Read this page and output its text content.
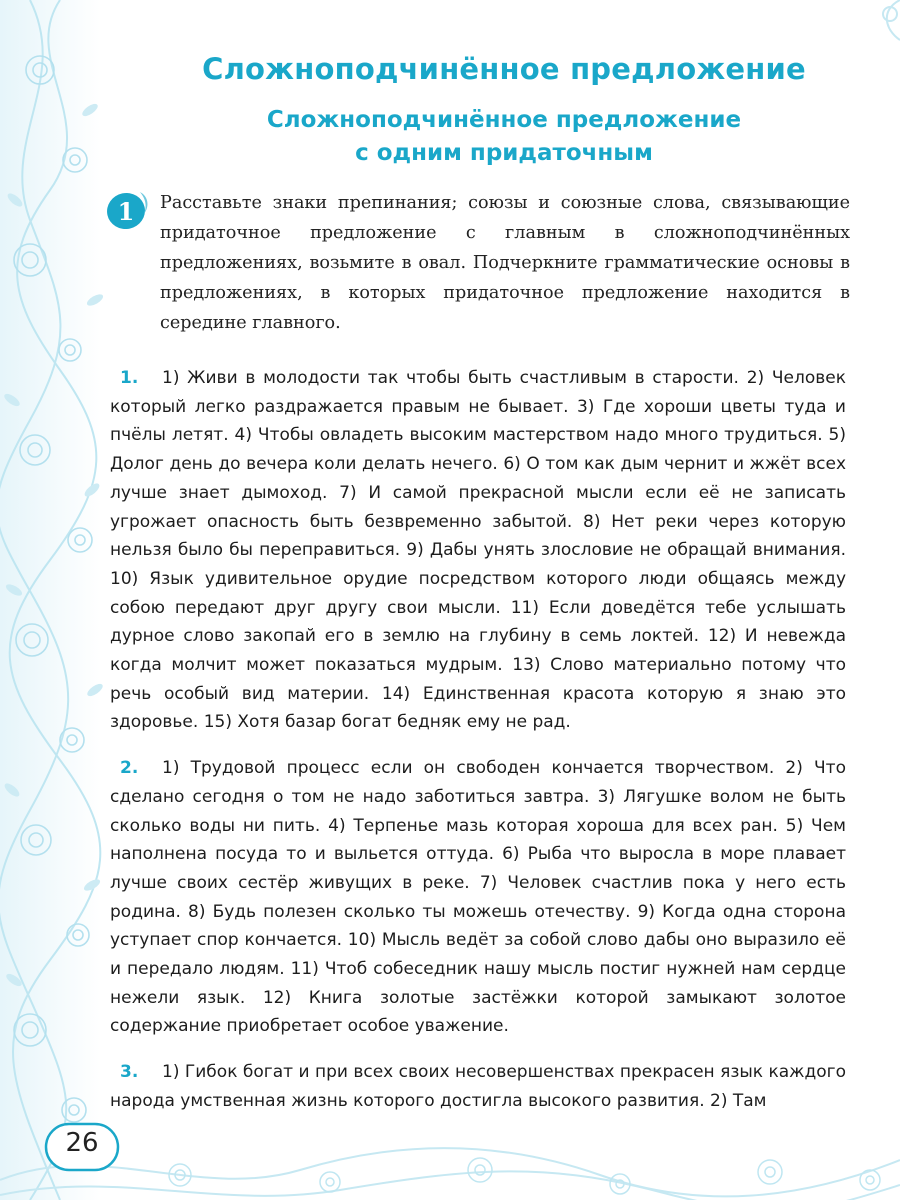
Сложноподчинённое предложение
Сложноподчинённое предложение
с одним придаточным
1 Расставьте знаки препинания; союзы и союзные слова, связывающие придаточное предложение с главным в сложноподчинённых предложениях, возьмите в овал. Подчеркните грамматические основы в предложениях, в которых придаточное предложение находится в середине главного.

1. 1) Живи в молодости так чтобы быть счастливым в старости. 2) Человек который легко раздражается правым не бывает. 3) Где хороши цветы туда и пчёлы летят. 4) Чтобы овладеть высоким мастерством надо много трудиться. 5) Долог день до вечера коли делать нечего. 6) О том как дым чернит и жжёт всех лучше знает дымоход. 7) И самой прекрасной мысли если её не записать угрожает опасность быть безвременно забытой. 8) Нет реки через которую нельзя было бы переправиться. 9) Дабы унять злословие не обращай внимания. 10) Язык удивительное орудие посредством которого люди общаясь между собою передают друг другу свои мысли. 11) Если доведётся тебе услышать дурное слово закопай его в землю на глубину в семь локтей. 12) И невежда когда молчит может показаться мудрым. 13) Слово материально потому что речь особый вид материи. 14) Единственная красота которую я знаю это здоровье. 15) Хотя базар богат бедняк ему не рад.

2. 1) Трудовой процесс если он свободен кончается творчеством. 2) Что сделано сегодня о том не надо заботиться завтра. 3) Лягушке волом не быть сколько воды ни пить. 4) Терпенье мазь которая хороша для всех ран. 5) Чем наполнена посуда то и выльется оттуда. 6) Рыба что выросла в море плавает лучше своих сестёр живущих в реке. 7) Человек счастлив пока у него есть родина. 8) Будь полезен сколько ты можешь отечеству. 9) Когда одна сторона уступает спор кончается. 10) Мысль ведёт за собой слово дабы оно выразило её и передало людям. 11) Чтоб собеседник нашу мысль постиг нужней нам сердце нежели язык. 12) Книга золотые застёжки которой замыкают золотое содержание приобретает особое уважение.

3. 1) Гибок богат и при всех своих несовершенствах прекрасен язык каждого народа умственная жизнь которого достигла высокого развития. 2) Там

26
